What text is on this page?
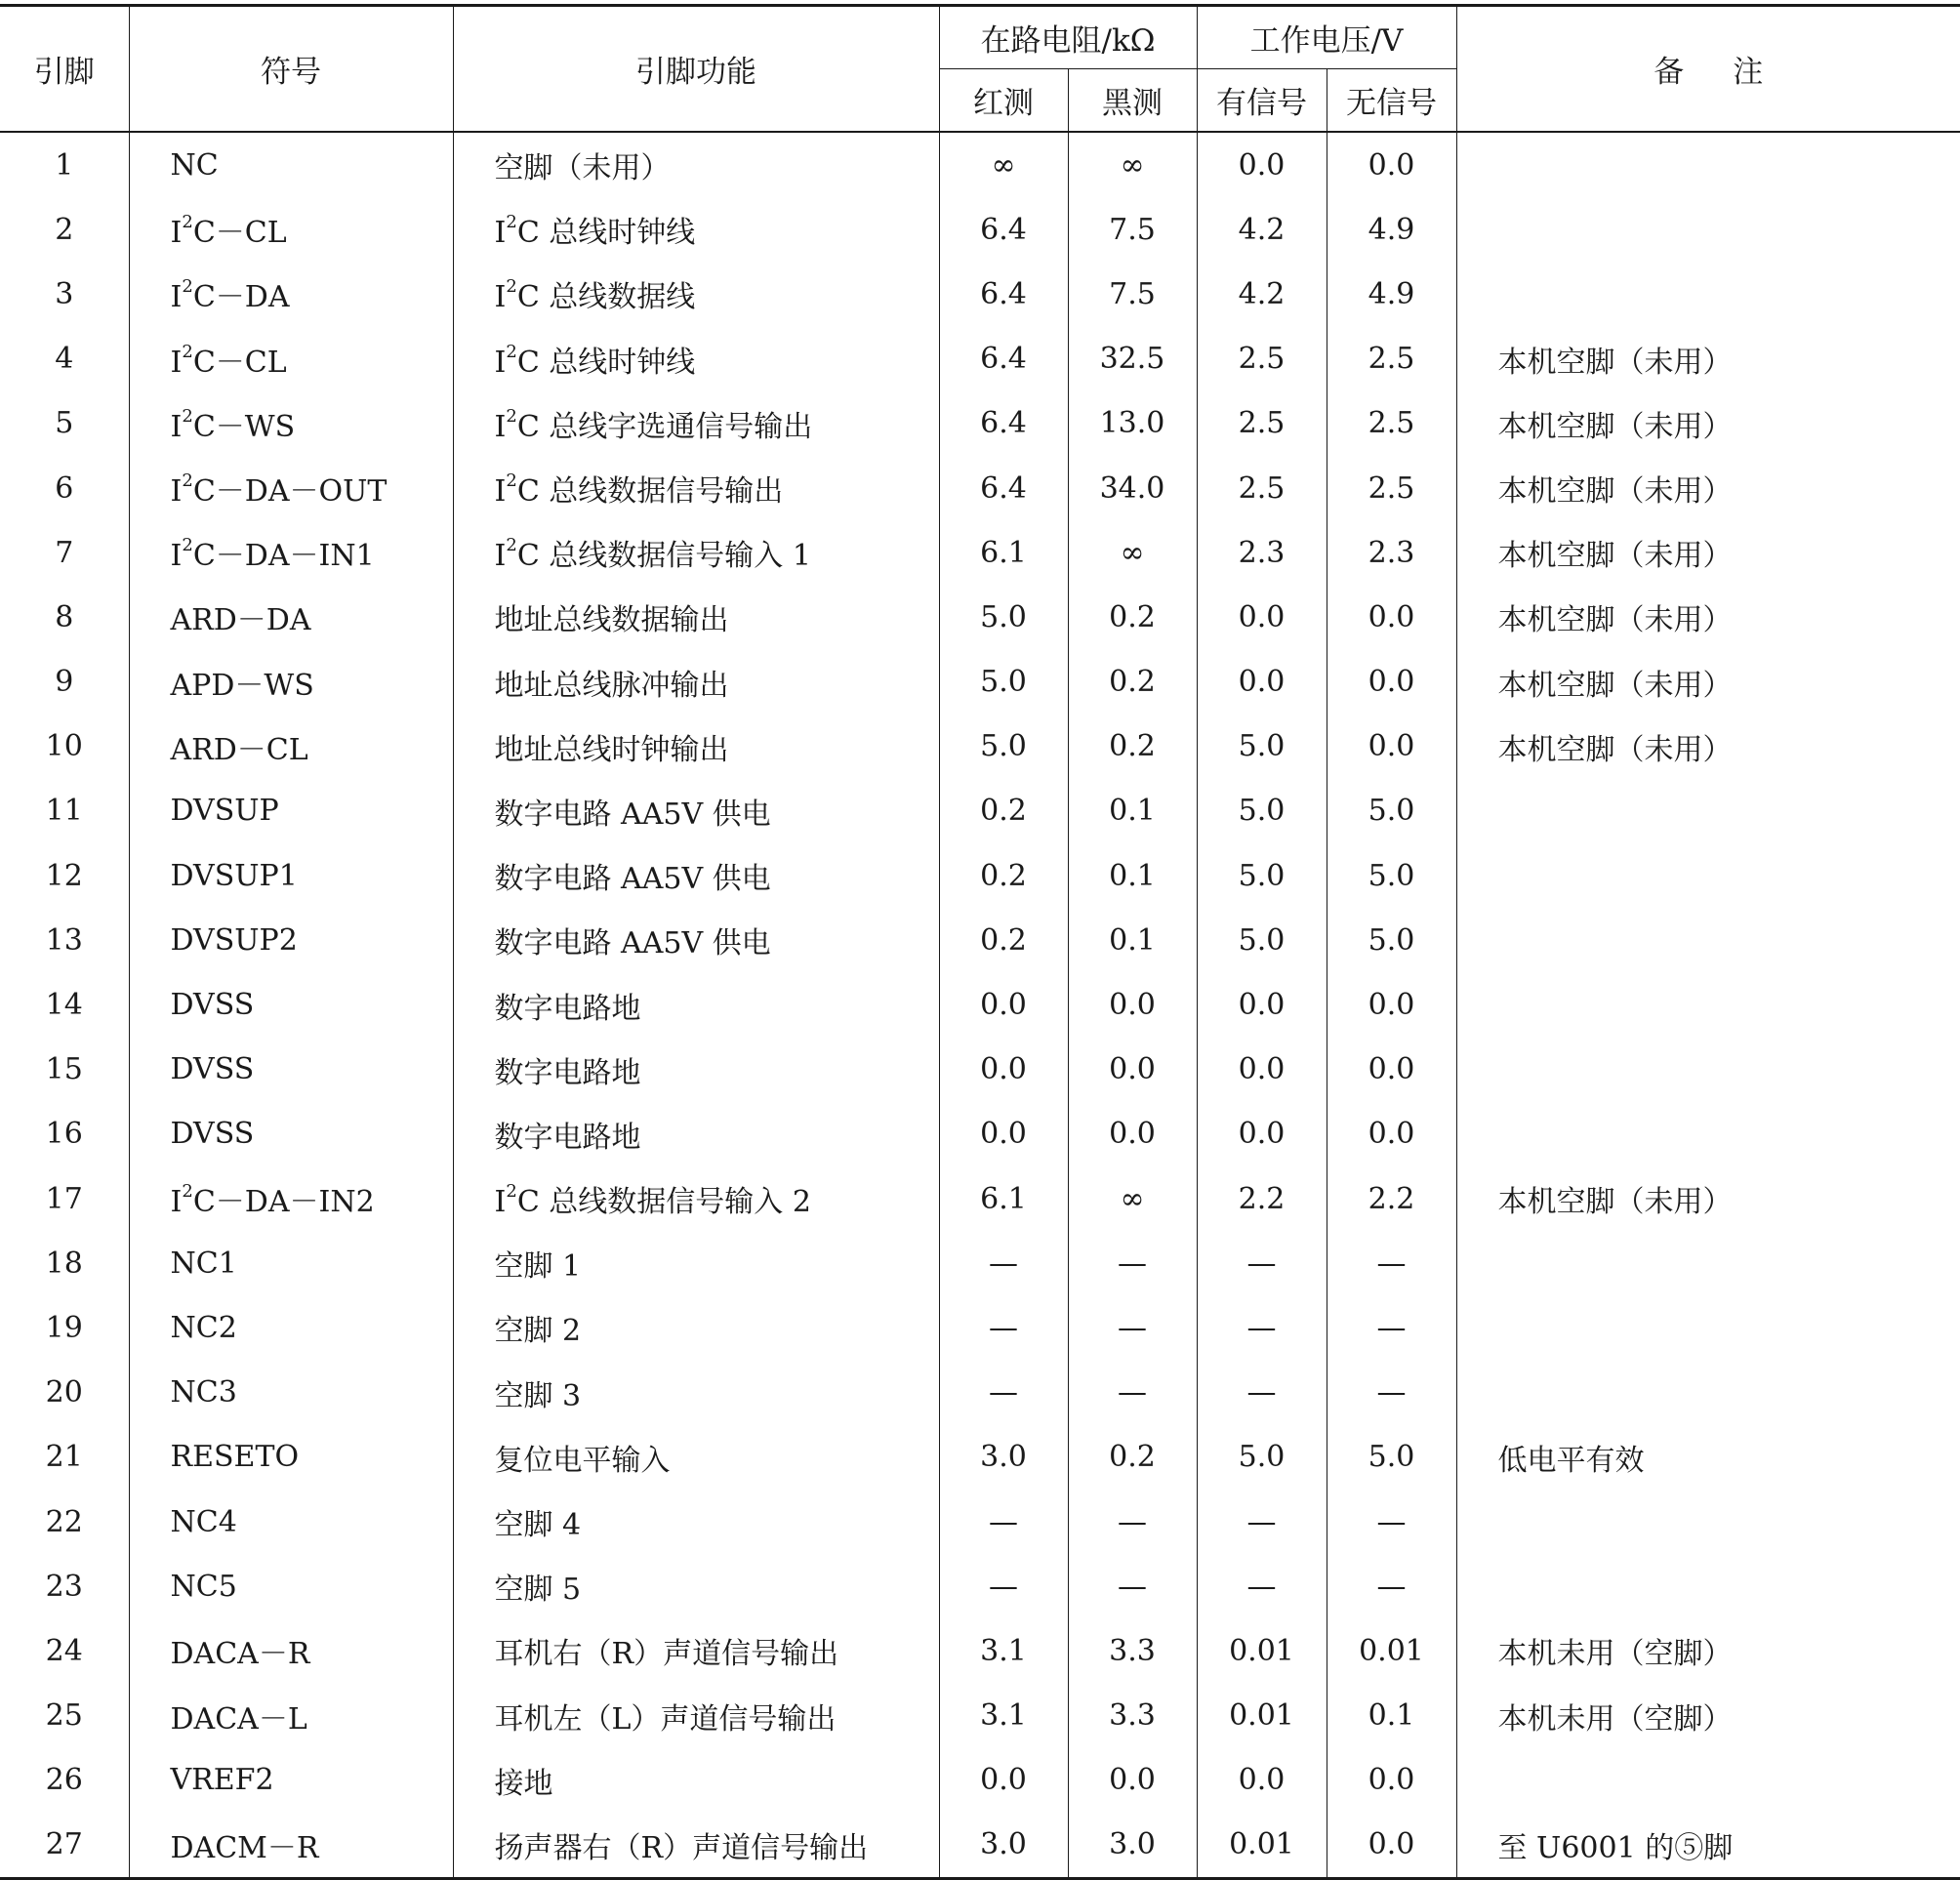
引脚	符号	引脚功能	在路电阻/kΩ		工作电压/V		备注
			红测	黑测	有信号	无信号	
1	NC	空脚（未用）	∞	∞	0.0	0.0	
2	$I^2C-CL$	$I^2C$ 总线时钟线	6.4	7.5	4.2	4.9	
3	$I^2C-DA$	$I^2C$ 总线数据线	6.4	7.5	4.2	4.9	
4	$I^2C-CL$	$I^2C$ 总线时钟线	6.4	32.5	2.5	2.5	本机空脚（未用）
5	$I^2C-WS$	$I^2C$ 总线字选通信号输出	6.4	13.0	2.5	2.5	本机空脚（未用）
6	$I^2C-DA-OUT$	$I^2C$ 总线数据信号输出	6.4	34.0	2.5	2.5	本机空脚（未用）
7	$I^2C-DA-IN1$	$I^2C$ 总线数据信号输入 1	6.1	∞	2.3	2.3	本机空脚（未用）
8	ARD－DA	地址总线数据输出	5.0	0.2	0.0	0.0	本机空脚（未用）
9	APD－WS	地址总线脉冲输出	5.0	0.2	0.0	0.0	本机空脚（未用）
10	ARD－CL	地址总线时钟输出	5.0	0.2	5.0	0.0	本机空脚（未用）
11	DVSUP	数字电路 AA5V 供电	0.2	0.1	5.0	5.0	
12	DVSUP1	数字电路 AA5V 供电	0.2	0.1	5.0	5.0	
13	DVSUP2	数字电路 AA5V 供电	0.2	0.1	5.0	5.0	
14	DVSS	数字电路地	0.0	0.0	0.0	0.0	
15	DVSS	数字电路地	0.0	0.0	0.0	0.0	
16	DVSS	数字电路地	0.0	0.0	0.0	0.0	
17	$I^2C-DA-IN2$	$I^2C$ 总线数据信号输入 2	6.1	∞	2.2	2.2	本机空脚（未用）
18	NC1	空脚 1	—	—	—	—	
19	NC2	空脚 2	—	—	—	—	
20	NC3	空脚 3	—	—	—	—	
21	RESETO	复位电平输入	3.0	0.2	5.0	5.0	低电平有效
22	NC4	空脚 4	—	—	—	—	
23	NC5	空脚 5	—	—	—	—	
24	DACA－R	耳机右（R）声道信号输出	3.1	3.3	0.01	0.01	本机未用（空脚）
25	DACA－L	耳机左（L）声道信号输出	3.1	3.3	0.01	0.1	本机未用（空脚）
26	VREF2	接地	0.0	0.0	0.0	0.0	
27	DACM－R	扬声器右（R）声道信号输出	3.0	3.0	0.01	0.0	至 U6001 的⑤脚
